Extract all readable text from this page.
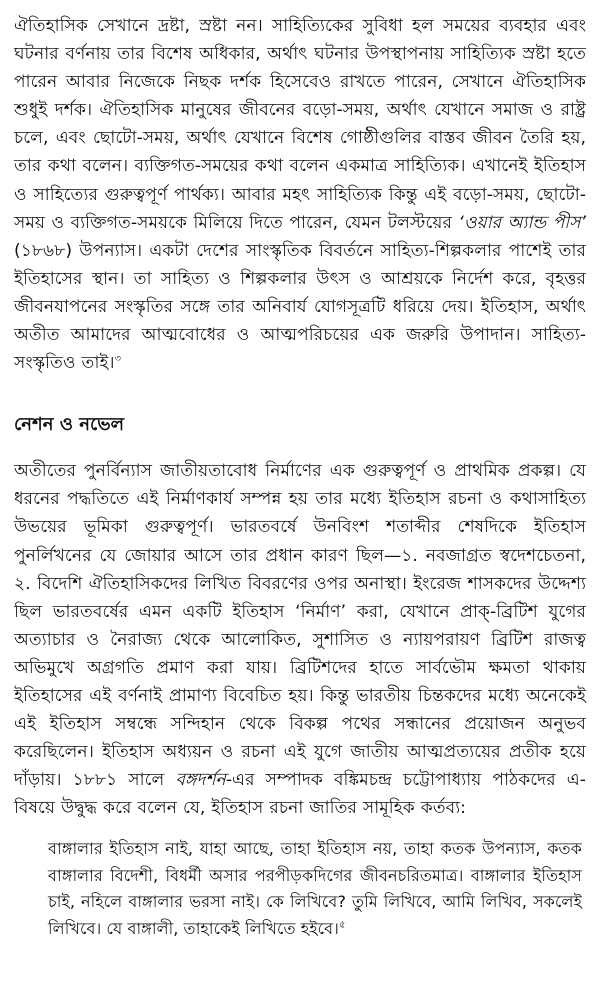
ঐতিহাসিক সেখানে দ্রষ্টা, স্রষ্টা নন। সাহিত্যিকের সুবিধা হল সময়ের ব্যবহার এবং ঘটনার বর্ণনায় তার বিশেষ অধিকার, অর্থাৎ ঘটনার উপস্থাপনায় সাহিত্যিক স্রষ্টা হতে পারেন আবার নিজেকে নিছক দর্শক হিসেবেও রাখতে পারেন, সেখানে ঐতিহাসিক শুধুই দর্শক। ঐতিহাসিক মানুষের জীবনের বড়ো-সময়, অর্থাৎ যেখানে সমাজ ও রাষ্ট্র চলে, এবং ছোটো-সময়, অর্থাৎ যেখানে বিশেষ গোষ্ঠীগুলির বাস্তব জীবন তৈরি হয়, তার কথা বলেন। ব্যক্তিগত-সময়ের কথা বলেন একমাত্র সাহিত্যিক। এখানেই ইতিহাস ও সাহিত্যের গুরুত্বপূর্ণ পার্থক্য। আবার মহৎ সাহিত্যিক কিন্তু এই বড়ো-সময়, ছোটো-সময় ও ব্যক্তিগত-সময়কে মিলিয়ে দিতে পারেন, যেমন টলস্টয়ের ‘ওয়ার অ্যান্ড পীস’ (১৮৬৮) উপন্যাস। একটা দেশের সাংস্কৃতিক বিবর্তনে সাহিত্য-শিল্পকলার পাশেই তার ইতিহাসের স্থান। তা সাহিত্য ও শিল্পকলার উৎস ও আশ্রয়কে নির্দেশ করে, বৃহত্তর জীবনযাপনের সংস্কৃতির সঙ্গে তার অনিবার্য যোগসূত্রটি ধরিয়ে দেয়। ইতিহাস, অর্থাৎ অতীত আমাদের আত্মবোধের ও আত্মপরিচয়ের এক জরুরি উপাদান। সাহিত্য-সংস্কৃতিও তাই।$^৩$

নেশন ও নভেল

অতীতের পুনর্বিন্যাস জাতীয়তাবোধ নির্মাণের এক গুরুত্বপূর্ণ ও প্রাথমিক প্রকল্প। যে ধরনের পদ্ধতিতে এই নির্মাণকার্য সম্পন্ন হয় তার মধ্যে ইতিহাস রচনা ও কথাসাহিত্য উভয়ের ভূমিকা গুরুত্বপূর্ণ। ভারতবর্ষে উনবিংশ শতাব্দীর শেষদিকে ইতিহাস পুনর্লিখনের যে জোয়ার আসে তার প্রধান কারণ ছিল—১. নবজাগ্রত স্বদেশচেতনা, ২. বিদেশি ঐতিহাসিকদের লিখিত বিবরণের ওপর অনাস্থা। ইংরেজ শাসকদের উদ্দেশ্য ছিল ভারতবর্ষের এমন একটি ইতিহাস ‘নির্মাণ’ করা, যেখানে প্রাক্-ব্রিটিশ যুগের অত্যাচার ও নৈরাজ্য থেকে আলোকিত, সুশাসিত ও ন্যায়পরায়ণ ব্রিটিশ রাজত্ব অভিমুখে অগ্রগতি প্রমাণ করা যায়। ব্রিটিশদের হাতে সার্বভৌম ক্ষমতা থাকায় ইতিহাসের এই বর্ণনাই প্রামাণ্য বিবেচিত হয়। কিন্তু ভারতীয় চিন্তকদের মধ্যে অনেকেই এই ইতিহাস সম্বন্ধে সন্দিহান থেকে বিকল্প পথের সন্ধানের প্রয়োজন অনুভব করেছিলেন। ইতিহাস অধ্যয়ন ও রচনা এই যুগে জাতীয় আত্মপ্রত্যয়ের প্রতীক হয়ে দাঁড়ায়। ১৮৮১ সালে বঙ্গদর্শন-এর সম্পাদক বঙ্কিমচন্দ্র চট্টোপাধ্যায় পাঠকদের এ-বিষয়ে উদ্বুদ্ধ করে বলেন যে, ইতিহাস রচনা জাতির সামূহিক কর্তব্য:

বাঙ্গালার ইতিহাস নাই, যাহা আছে, তাহা ইতিহাস নয়, তাহা কতক উপন্যাস, কতক বাঙ্গালার বিদেশী, বিধর্মী অসার পরপীড়কদিগের জীবনচরিতমাত্র। বাঙ্গালার ইতিহাস চাই, নহিলে বাঙ্গালার ভরসা নাই। কে লিখিবে? তুমি লিখিবে, আমি লিখিব, সকলেই লিখিবে। যে বাঙ্গালী, তাহাকেই লিখিতে হইবে।$^৫$
